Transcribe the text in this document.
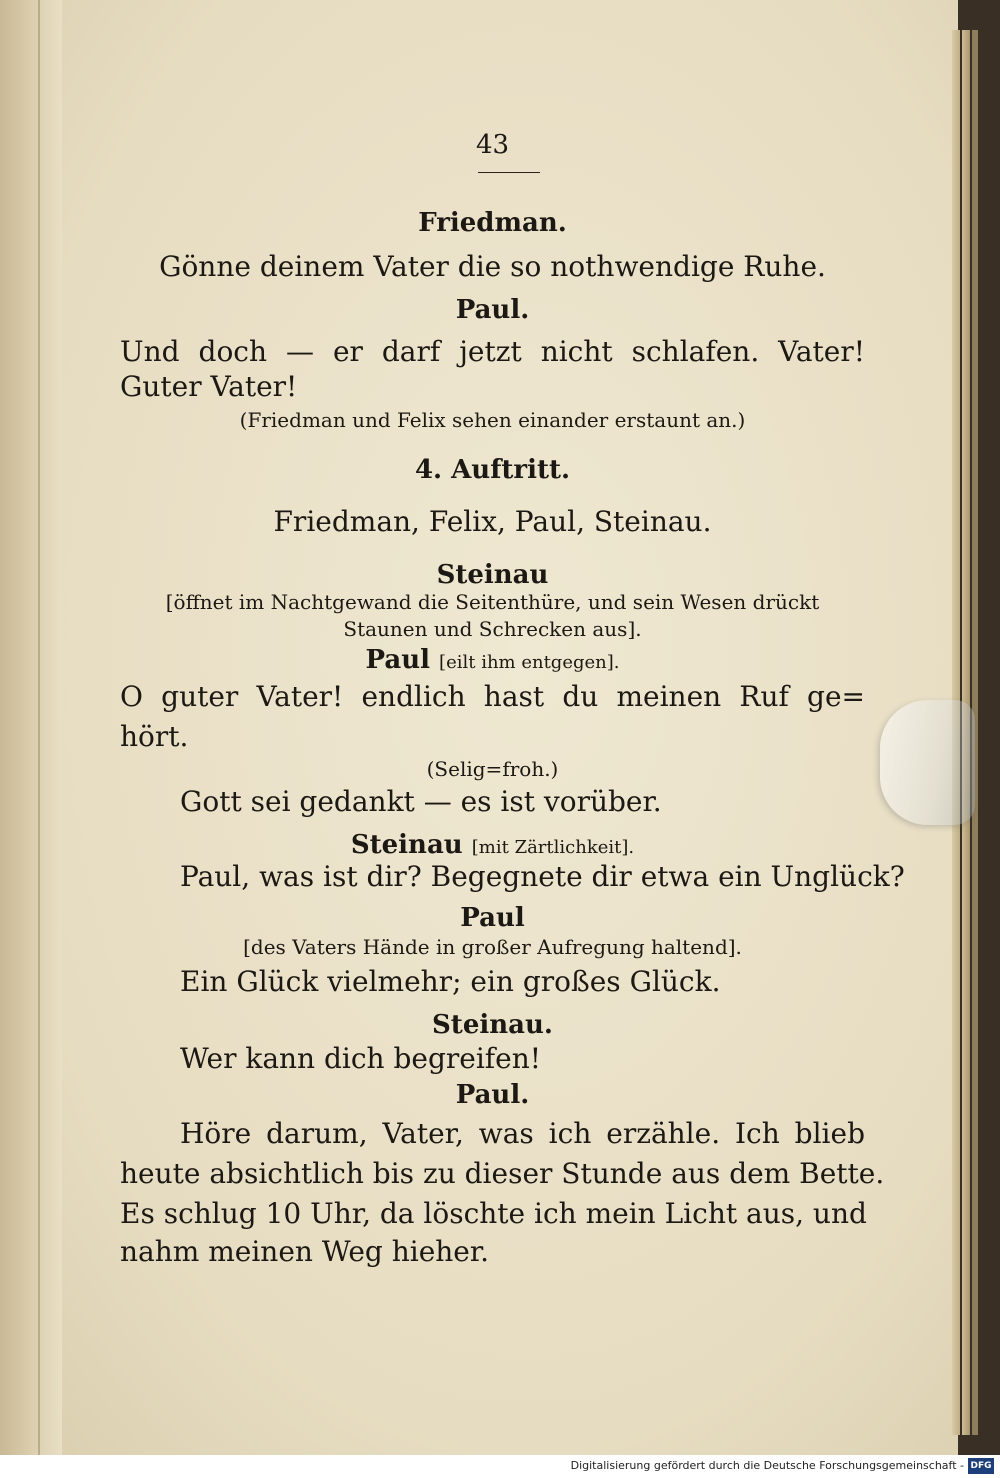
43
Friedman.
Gönne deinem Vater die so nothwendige Ruhe.
Paul.
Und doch — er darf jetzt nicht schlafen. Vater!
Guter Vater!
(Friedman und Felix sehen einander erstaunt an.)
4. Auftritt.
Friedman, Felix, Paul, Steinau.
Steinau
[öffnet im Nachtgewand die Seitenthüre, und sein Wesen drückt
Staunen und Schrecken aus].
Paul [eilt ihm entgegen].
O guter Vater! endlich hast du meinen Ruf ge=
hört.
(Selig=froh.)
Gott sei gedankt — es ist vorüber.
Steinau [mit Zärtlichkeit].
Paul, was ist dir? Begegnete dir etwa ein Unglück?
Paul
[des Vaters Hände in großer Aufregung haltend].
Ein Glück vielmehr; ein großes Glück.
Steinau.
Wer kann dich begreifen!
Paul.
Höre darum, Vater, was ich erzähle. Ich blieb
heute absichtlich bis zu dieser Stunde aus dem Bette.
Es schlug 10 Uhr, da löschte ich mein Licht aus, und
nahm meinen Weg hieher.
Digitalisierung gefördert durch die Deutsche Forschungsgemeinschaft - DFG
